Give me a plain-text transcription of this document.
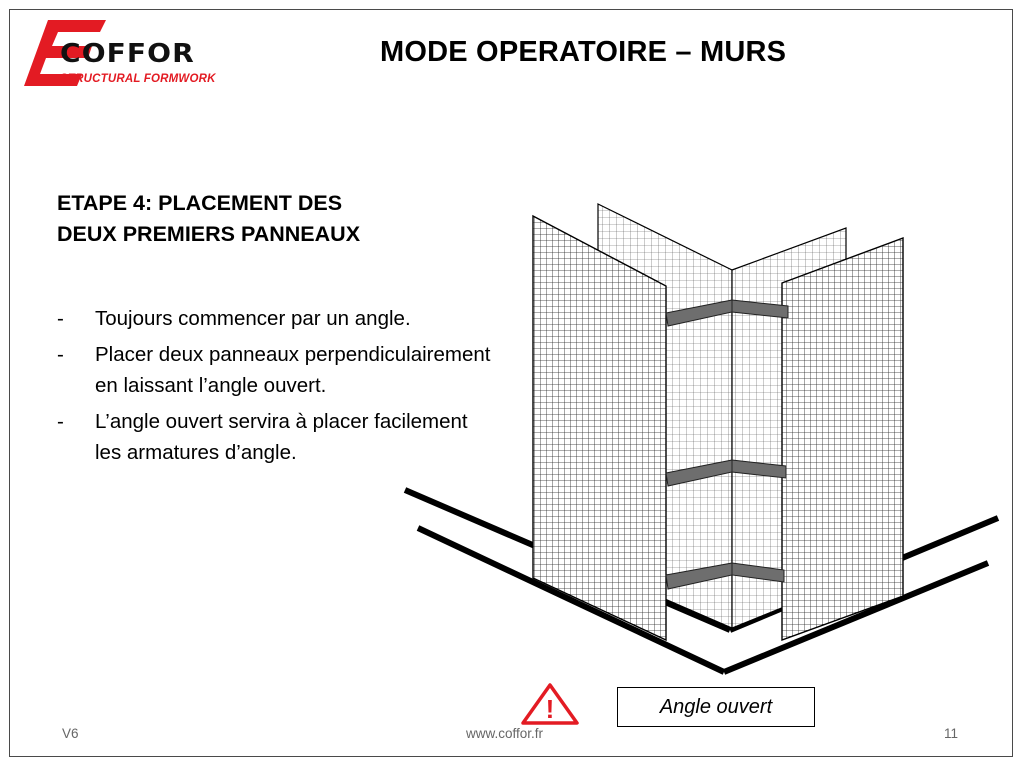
COFFOR
STRUCTURAL FORMWORK
MODE OPERATOIRE – MURS
ETAPE 4: PLACEMENT DES
DEUX PREMIERS PANNEAUX
- Toujours commencer par un angle.
- Placer deux panneaux perpendiculairement en laissant l’angle ouvert.
- L’angle ouvert servira à placer facilement les armatures d’angle.
!	Angle ouvert
V6	www.coffor.fr	11
